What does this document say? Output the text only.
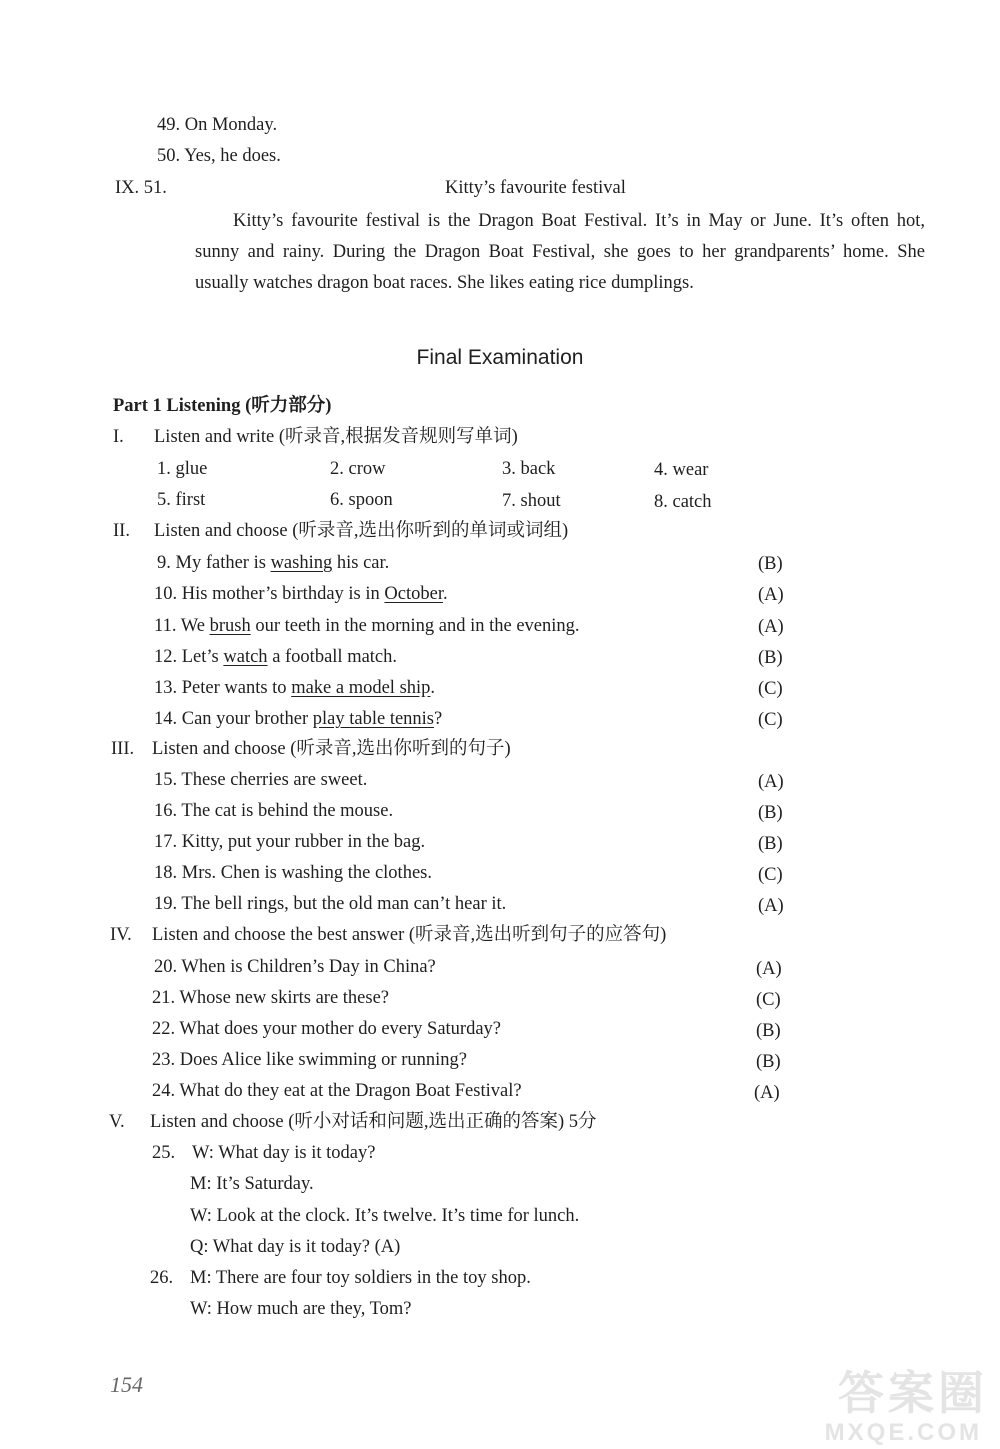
49. On Monday.
50. Yes, he does.
IX. 51.	Kitty’s favourite festival
Kitty’s favourite festival is the Dragon Boat Festival. It’s in May or June. It’s often hot, sunny and rainy. During the Dragon Boat Festival, she goes to her grandparents’ home. She usually watches dragon boat races. She likes eating rice dumplings.
Final Examination
Part 1 Listening (听力部分)
I. Listen and write (听录音,根据发音规则写单词)
1. glue	2. crow	3. back	4. wear
5. first	6. spoon	7. shout	8. catch
II. Listen and choose (听录音,选出你听到的单词或词组)
9. My father is washing his car.	(B)
10. His mother’s birthday is in October.	(A)
11. We brush our teeth in the morning and in the evening.	(A)
12. Let’s watch a football match.	(B)
13. Peter wants to make a model ship.	(C)
14. Can your brother play table tennis?	(C)
III. Listen and choose (听录音,选出你听到的句子)
15. These cherries are sweet.	(A)
16. The cat is behind the mouse.	(B)
17. Kitty, put your rubber in the bag.	(B)
18. Mrs. Chen is washing the clothes.	(C)
19. The bell rings, but the old man can’t hear it.	(A)
IV. Listen and choose the best answer (听录音,选出听到句子的应答句)
20. When is Children’s Day in China?	(A)
21. Whose new skirts are these?	(C)
22. What does your mother do every Saturday?	(B)
23. Does Alice like swimming or running?	(B)
24. What do they eat at the Dragon Boat Festival?	(A)
V. Listen and choose (听小对话和问题,选出正确的答案) 5分
25. W: What day is it today?
M: It’s Saturday.
W: Look at the clock. It’s twelve. It’s time for lunch.
Q: What day is it today? (A)
26. M: There are four toy soldiers in the toy shop.
W: How much are they, Tom?
154	答案圈
MXQE.COM
